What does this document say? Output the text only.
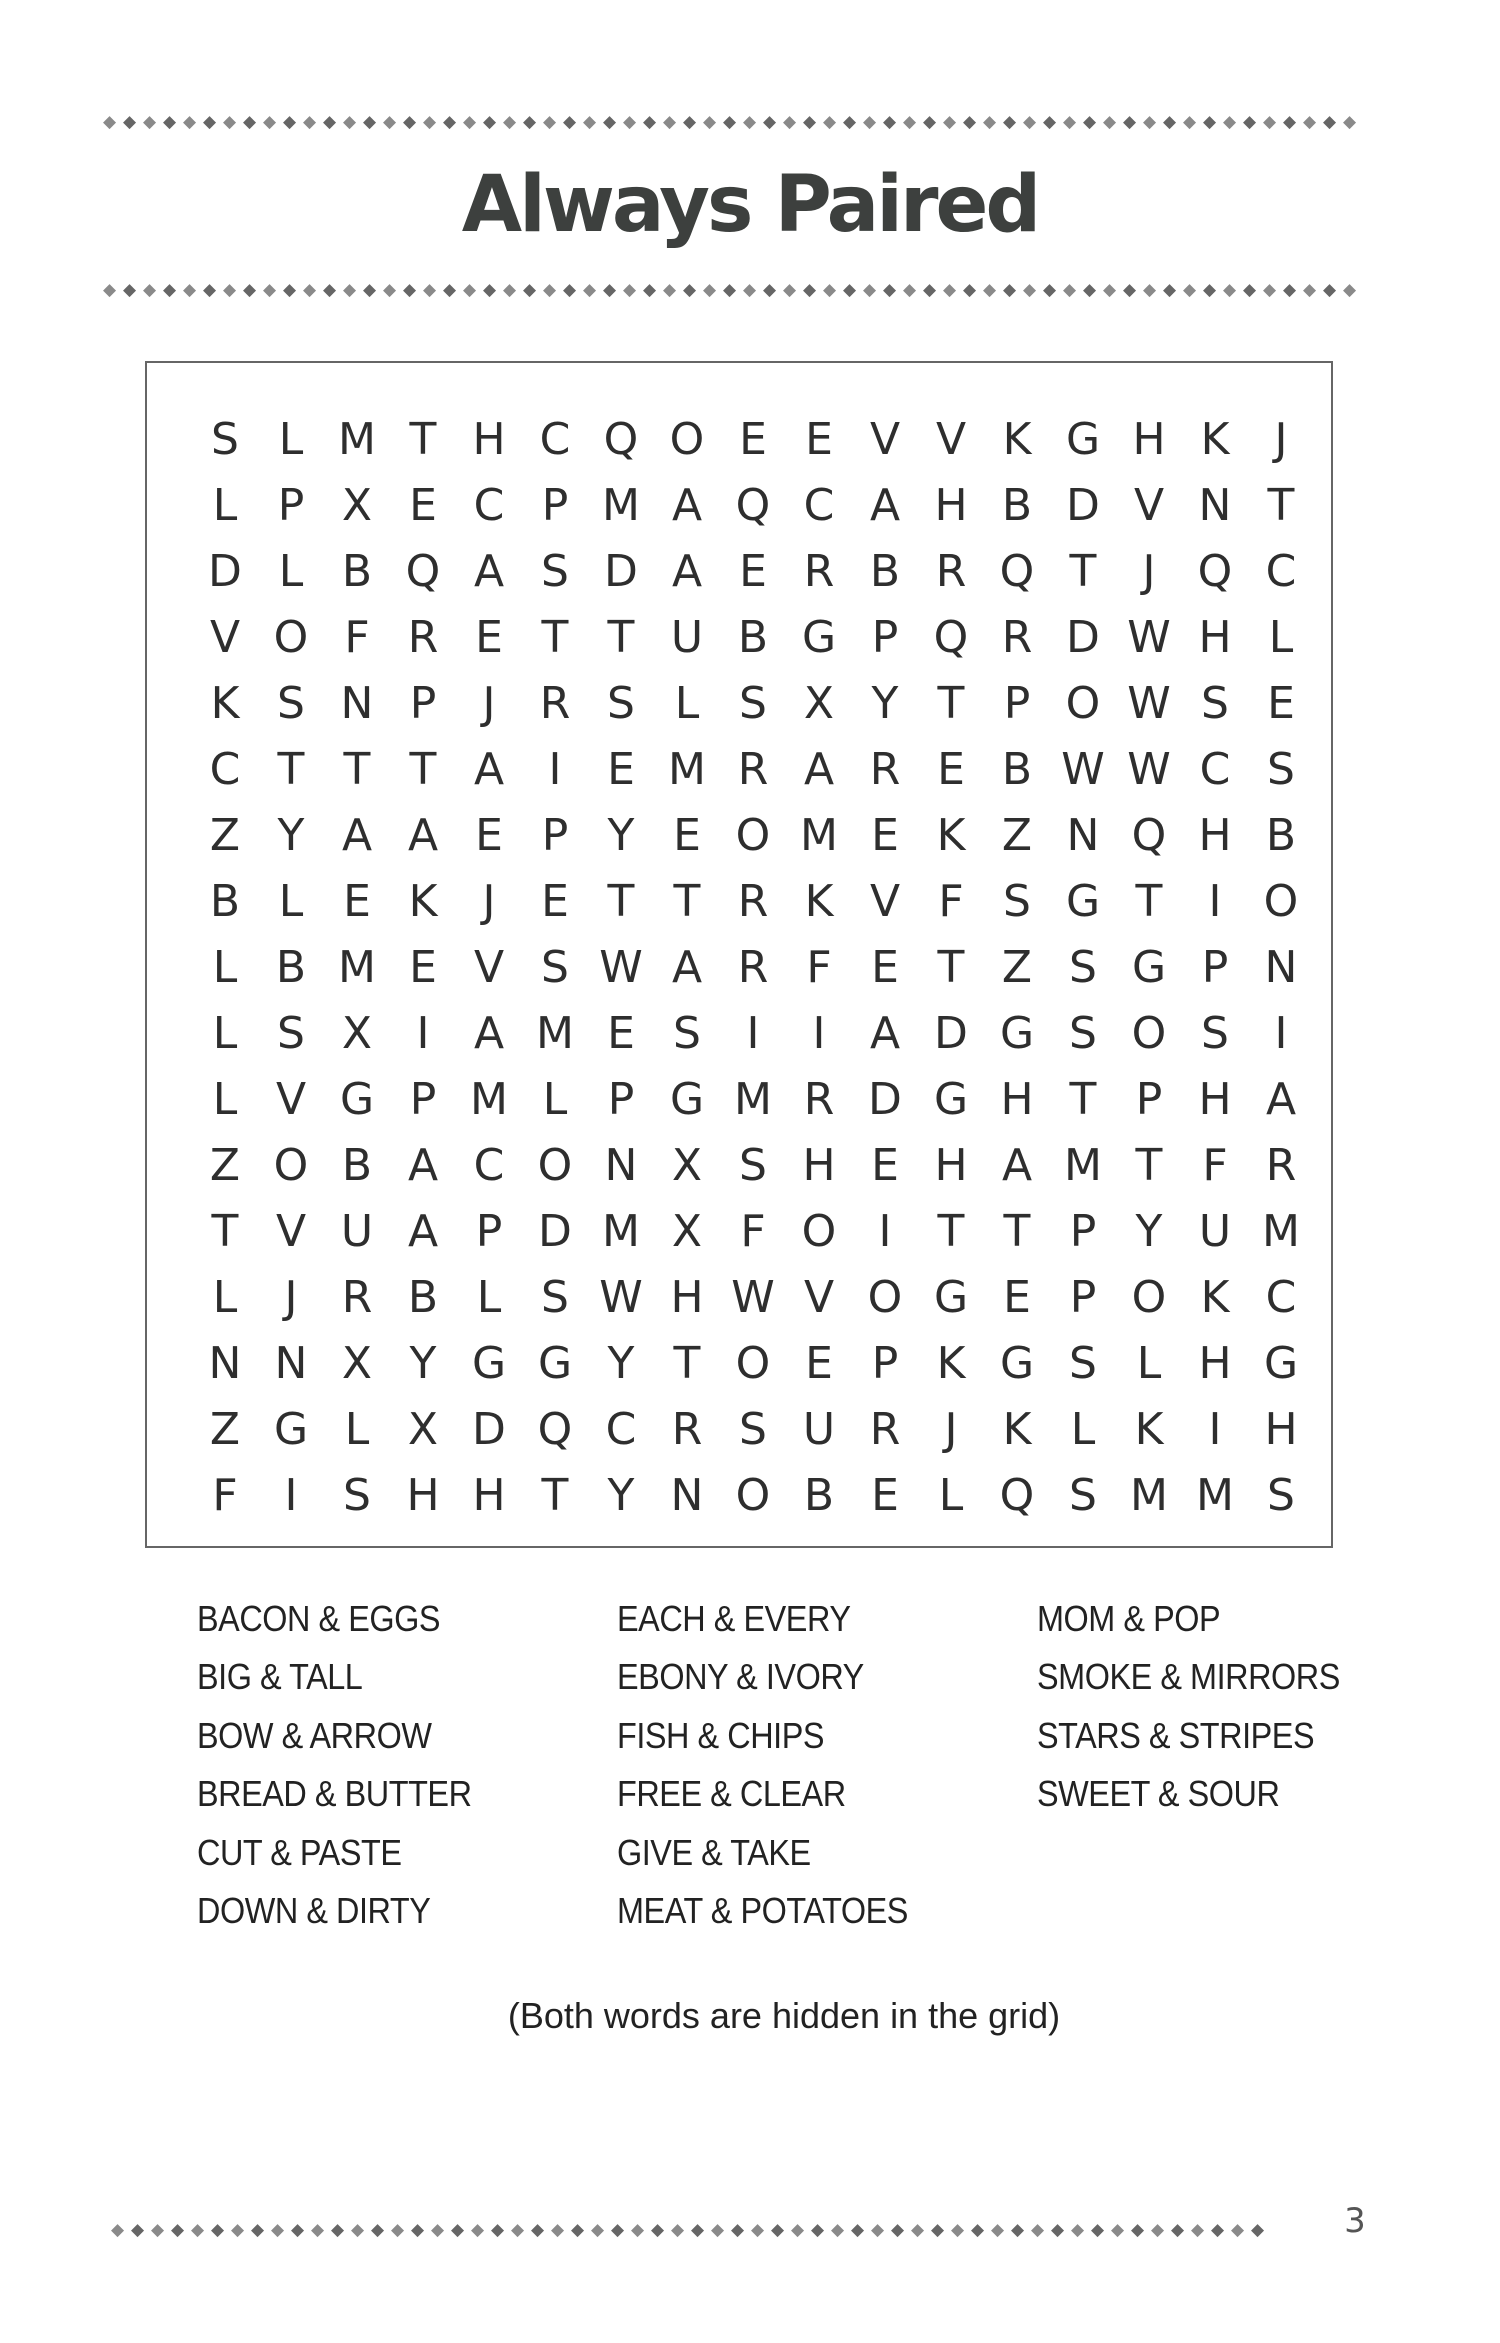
◆ ◆ ◆ ◆ ◆ ◆ ◆ ◆ ◆ ◆ ◆ ◆ ◆ ◆ ◆ ◆ ◆ ◆ ◆ ◆ ◆ ◆ ◆ ◆ ◆ ◆ ◆ ◆ ◆ ◆ ◆ ◆ ◆ ◆ ◆ ◆ ◆ ◆ ◆ ◆ ◆ ◆ ◆ ◆ ◆ ◆ ◆ ◆ ◆ ◆ ◆ ◆ ◆ ◆ ◆ ◆ ◆ ◆ ◆ ◆ ◆ ◆ ◆
Always Paired
◆ ◆ ◆ ◆ ◆ ◆ ◆ ◆ ◆ ◆ ◆ ◆ ◆ ◆ ◆ ◆ ◆ ◆ ◆ ◆ ◆ ◆ ◆ ◆ ◆ ◆ ◆ ◆ ◆ ◆ ◆ ◆ ◆ ◆ ◆ ◆ ◆ ◆ ◆ ◆ ◆ ◆ ◆ ◆ ◆ ◆ ◆ ◆ ◆ ◆ ◆ ◆ ◆ ◆ ◆ ◆ ◆ ◆ ◆ ◆ ◆ ◆ ◆
S L M T H C Q O E E V V K G H K	J
L P X E C P M A Q C A H B D V N T
D L B Q A S D A E R B R Q T	J Q C
V O F R E T T U B G P Q R D W H L
K S N P	J	R S L S X Y T P O W S E
C T T T A	I	E M R A R E B W W C S
Z Y A A E P Y E O M E K Z N Q H B
B L E K	J	E T T R K V F S G T	I O
L B M E V S W A R F E T Z S G P N
L S X	I	A M E S	I	I	A D G S O S	I
L V G P M L P G M R D G H T P H A
Z O B A C O N X S H E H A M T F R
T V U A P D M X F O I	T T P Y U M
L	J	R B L S W H W V O G E P O K C
N N X Y G G Y T O E P K G S L H G
Z G L X D Q C R S U R	J	K L K	I H
F	I	S H H T Y N O B E L Q S M M S
BACON & EGGS
BIG & TALL
BOW & ARROW
BREAD & BUTTER
CUT & PASTE
DOWN & DIRTY
EACH & EVERY
EBONY & IVORY
FISH & CHIPS
FREE & CLEAR
GIVE & TAKE
MEAT & POTATOES
MOM & POP
SMOKE & MIRRORS
STARS & STRIPES
SWEET & SOUR
(Both words are hidden in the grid)
◆ ◆ ◆ ◆ ◆ ◆ ◆ ◆ ◆ ◆ ◆ ◆ ◆ ◆ ◆ ◆ ◆ ◆ ◆ ◆ ◆ ◆ ◆ ◆ ◆ ◆ ◆ ◆ ◆ ◆ ◆ ◆ ◆ ◆ ◆ ◆ ◆ ◆ ◆ ◆ ◆ ◆ ◆ ◆ ◆ ◆ ◆ ◆ ◆ ◆ ◆ ◆ ◆ ◆ ◆ ◆ ◆ ◆	3
